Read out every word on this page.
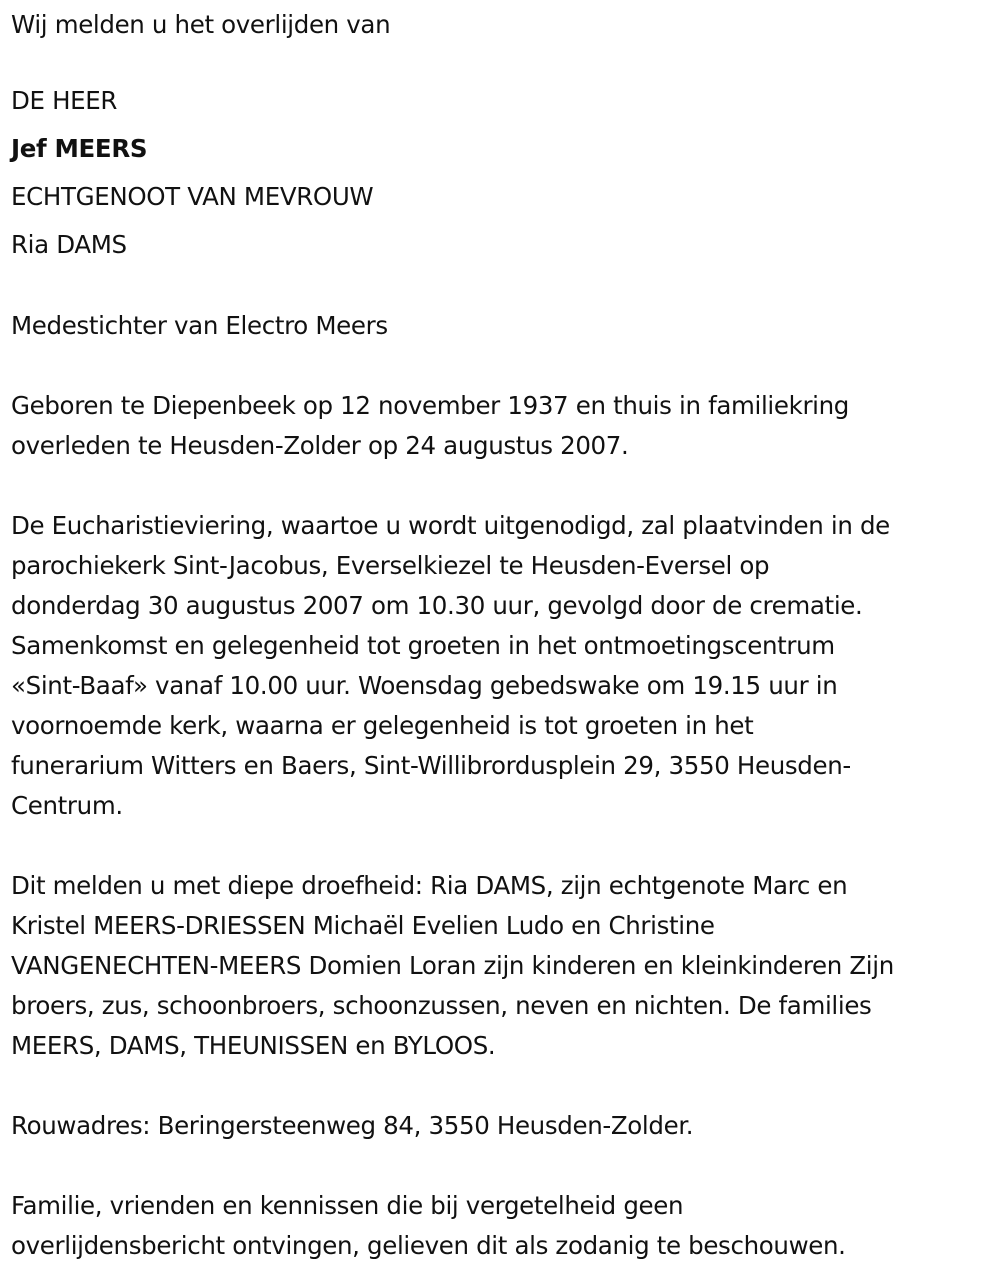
Wij melden u het overlijden van
DE HEER
Jef MEERS
ECHTGENOOT VAN MEVROUW
Ria DAMS
Medestichter van Electro Meers
Geboren te Diepenbeek op 12 november 1937 en thuis in familiekring
overleden te Heusden-Zolder op 24 augustus 2007.
De Eucharistieviering, waartoe u wordt uitgenodigd, zal plaatvinden in de
parochiekerk Sint-Jacobus, Everselkiezel te Heusden-Eversel op
donderdag 30 augustus 2007 om 10.30 uur, gevolgd door de crematie.
Samenkomst en gelegenheid tot groeten in het ontmoetingscentrum
«Sint-Baaf» vanaf 10.00 uur. Woensdag gebedswake om 19.15 uur in
voornoemde kerk, waarna er gelegenheid is tot groeten in het
funerarium Witters en Baers, Sint-Willibrordusplein 29, 3550 Heusden-
Centrum.
Dit melden u met diepe droefheid: Ria DAMS, zijn echtgenote Marc en
Kristel MEERS-DRIESSEN Michaël Evelien Ludo en Christine
VANGENECHTEN-MEERS Domien Loran zijn kinderen en kleinkinderen Zijn
broers, zus, schoonbroers, schoonzussen, neven en nichten. De families
MEERS, DAMS, THEUNISSEN en BYLOOS.
Rouwadres: Beringersteenweg 84, 3550 Heusden-Zolder.
Familie, vrienden en kennissen die bij vergetelheid geen
overlijdensbericht ontvingen, gelieven dit als zodanig te beschouwen.
